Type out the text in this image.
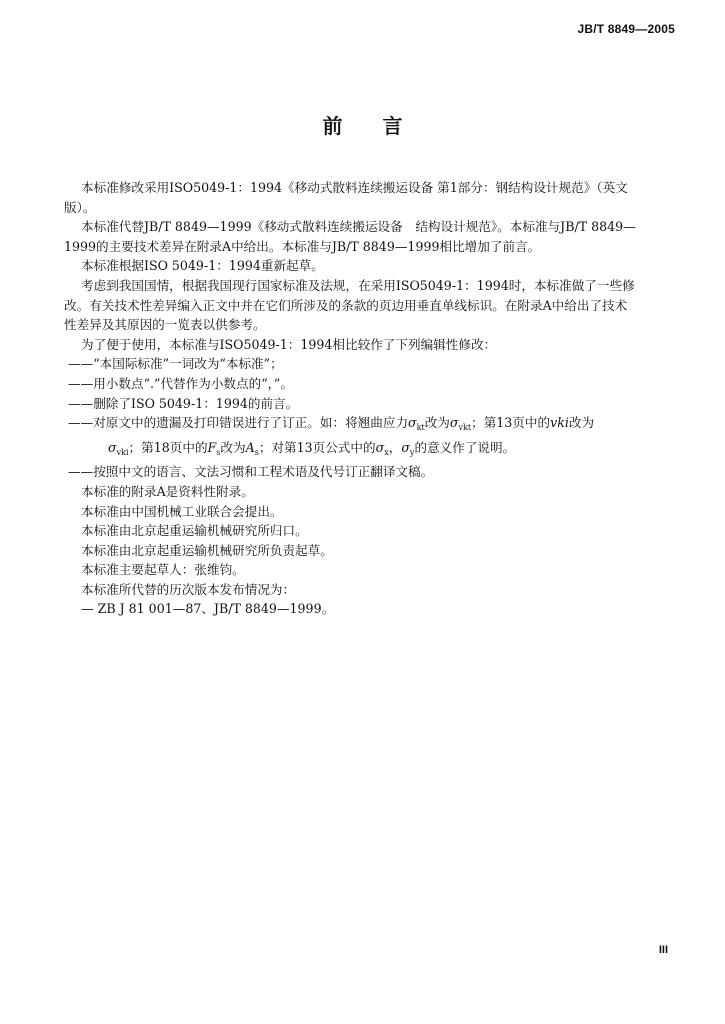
JB/T 8849—2005
前 言

本标准修改采用ISO5049-1：1994《移动式散料连续搬运设备 第1部分：钢结构设计规范》（英文

版）。

本标准代替JB/T 8849—1999《移动式散料连续搬运设备　结构设计规范》。本标准与JB/T 8849—

1999的主要技术差异在附录A中给出。本标准与JB/T 8849—1999相比增加了前言。

本标准根据ISO 5049-1：1994重新起草。

考虑到我国国情，根据我国现行国家标准及法规，在采用ISO5049-1：1994时，本标准做了一些修

改。有关技术性差异编入正文中并在它们所涉及的条款的页边用垂直单线标识。在附录A中给出了技术

性差异及其原因的一览表以供参考。

为了便于使用，本标准与ISO5049-1：1994相比较作了下列编辑性修改：

——“本国际标准”一词改为“本标准”；

——用小数点“.”代替作为小数点的“，”。

——删除了ISO 5049-1：1994的前言。

——对原文中的遗漏及打印错误进行了订正。如：将翘曲应力$\sigma_{kt}$改为$\sigma_{vkt}$；第13页中的vki改为

$\sigma_{vki}$；第18页中的$F_s$改为$A_s$；对第13页公式中的$\sigma_x$，$\sigma_y$的意义作了说明。

——按照中文的语言、文法习惯和工程术语及代号订正翻译文稿。

本标准的附录A是资料性附录。

本标准由中国机械工业联合会提出。

本标准由北京起重运输机械研究所归口。

本标准由北京起重运输机械研究所负责起草。

本标准主要起草人：张维钧。

本标准所代替的历次版本发布情况为：

— ZB J 81 001—87、JB/T 8849—1999。

III
